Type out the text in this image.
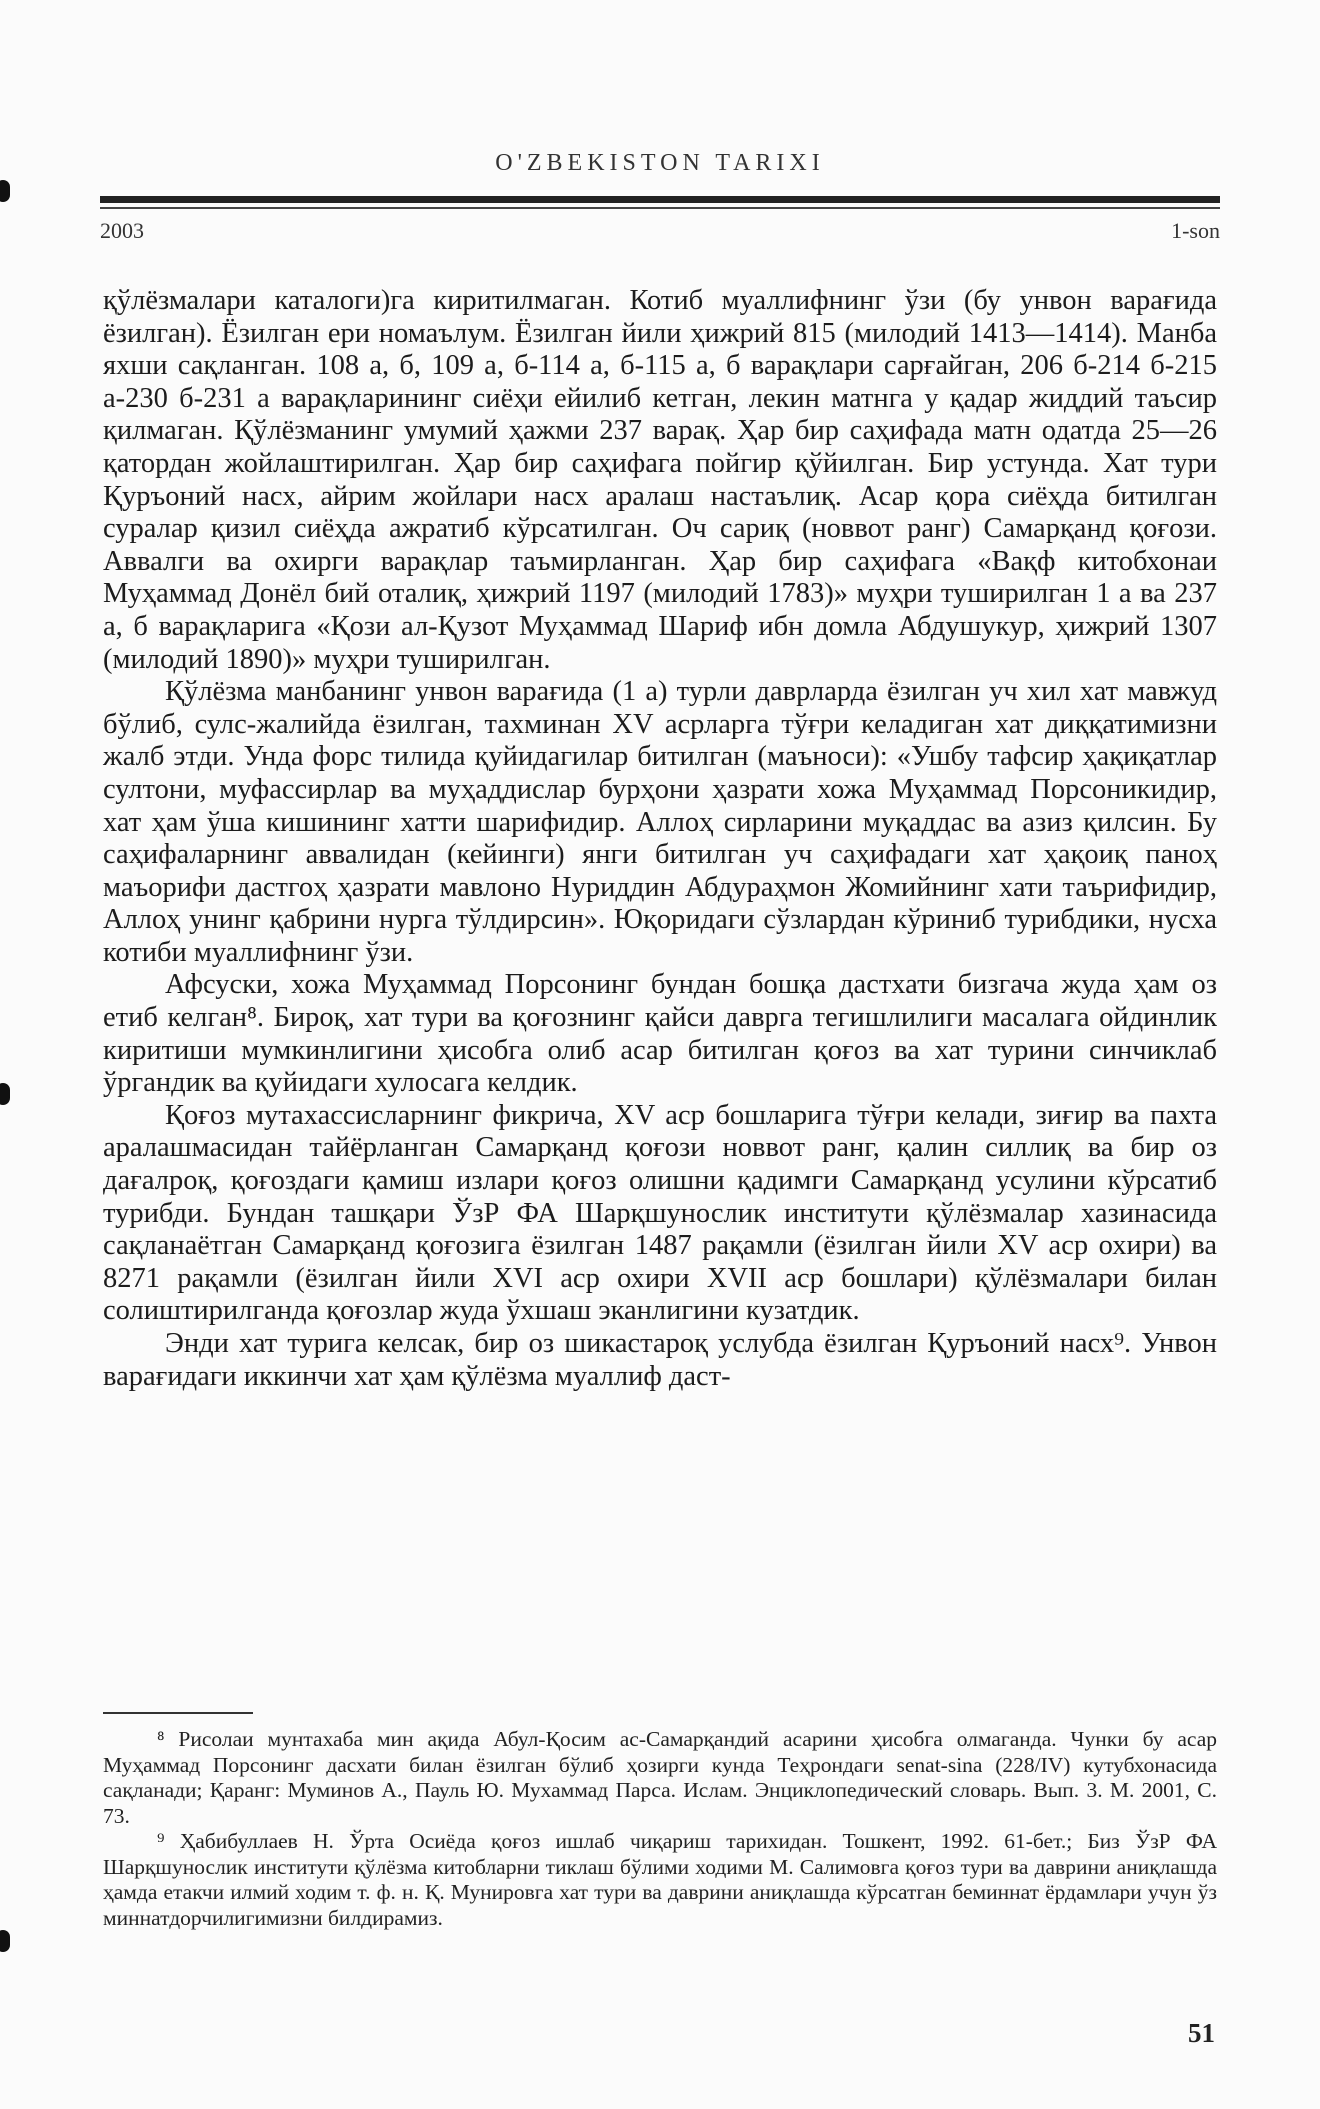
O'ZBEKISTON TARIXI
2003	1-son

қўлёзмалари каталоги)га киритилмаган. Котиб муаллифнинг ўзи (бу унвон варағида ёзилган). Ёзилган ери номаълум. Ёзилган йили ҳижрий 815 (милодий 1413—1414). Манба яхши сақланган. 108 а, б, 109 а, б-114 а, б-115 а, б варақлари сарғайган, 206 б-214 б-215 а-230 б-231 а варақларининг сиёҳи ейилиб кетган, лекин матнга у қадар жиддий таъсир қилмаган. Қўлёзманинг умумий ҳажми 237 варақ. Ҳар бир саҳифада матн одатда 25—26 қатордан жойлаштирилган. Ҳар бир саҳифага пойгир қўйилган. Бир устунда. Хат тури Қуръоний насх, айрим жойлари насх аралаш настаълиқ. Асар қора сиёҳда битилган суралар қизил сиёҳда ажратиб кўрсатилган. Оч сариқ (новвот ранг) Самарқанд қоғози. Аввалги ва охирги варақлар таъмирланган. Ҳар бир саҳифага «Вақф китобхонаи Муҳаммад Донёл бий оталиқ, ҳижрий 1197 (милодий 1783)» муҳри туширилган 1 а ва 237 а, б варақларига «Қози ал-Қузот Муҳаммад Шариф ибн домла Абдушукур, ҳижрий 1307 (милодий 1890)» муҳри туширилган.

Қўлёзма манбанинг унвон варағида (1 а) турли даврларда ёзилган уч хил хат мавжуд бўлиб, сулс-жалийда ёзилган, тахминан XV асрларга тўғри келадиган хат диққатимизни жалб этди. Унда форс тилида қуйидагилар битилган (маъноси): «Ушбу тафсир ҳақиқатлар султони, муфассирлар ва муҳаддислар бурҳони ҳазрати хожа Муҳаммад Порсоникидир, хат ҳам ўша кишининг хатти шарифидир. Аллоҳ сирларини муқаддас ва азиз қилсин. Бу саҳифаларнинг аввалидан (кейинги) янги битилган уч саҳифадаги хат ҳақоиқ паноҳ маъорифи дастгоҳ ҳазрати мавлоно Нуриддин Абдураҳмон Жомийнинг хати таърифидир, Аллоҳ унинг қабрини нурга тўлдирсин». Юқоридаги сўзлардан кўриниб турибдики, нусха котиби муаллифнинг ўзи.

Афсуски, хожа Муҳаммад Порсонинг бундан бошқа дастхати бизгача жуда ҳам оз етиб келган⁸. Бироқ, хат тури ва қоғознинг қайси даврга тегишлилиги масалага ойдинлик киритиши мумкинлигини ҳисобга олиб асар битилган қоғоз ва хат турини синчиклаб ўргандик ва қуйидаги хулосага келдик.

Қоғоз мутахассисларнинг фикрича, XV аср бошларига тўғри келади, зиғир ва пахта аралашмасидан тайёрланган Самарқанд қоғози новвот ранг, қалин силлиқ ва бир оз дағалроқ, қоғоздаги қамиш излари қоғоз олишни қадимги Самарқанд усулини кўрсатиб турибди. Бундан ташқари ЎзР ФА Шарқшунослик институти қўлёзмалар хазинасида сақланаётган Самарқанд қоғозига ёзилган 1487 рақамли (ёзилган йили XV аср охири) ва 8271 рақамли (ёзилган йили XVI аср охири XVII аср бошлари) қўлёзмалари билан солиштирилганда қоғозлар жуда ўхшаш эканлигини кузатдик.

Энди хат турига келсак, бир оз шикастароқ услубда ёзилган Қуръоний насх⁹. Унвон варағидаги иккинчи хат ҳам қўлёзма муаллиф даст-

⁸ Рисолаи мунтахаба мин ақида Абул-Қосим ас-Самарқандий асарини ҳисобга олмаганда. Чунки бу асар Муҳаммад Порсонинг дасхати билан ёзилган бўлиб ҳозирги кунда Теҳрондаги senat-sina (228/IV) кутубхонасида сақланади; Қаранг: Муминов А., Пауль Ю. Мухаммад Парса. Ислам. Энциклопедический словарь. Вып. 3. М. 2001, С. 73.

⁹ Ҳабибуллаев Н. Ўрта Осиёда қоғоз ишлаб чиқариш тарихидан. Тошкент, 1992. 61-бет.; Биз ЎзР ФА Шарқшунослик институти қўлёзма китобларни тиклаш бўлими ходими М. Салимовга қоғоз тури ва даврини аниқлашда ҳамда етакчи илмий ходим т. ф. н. Қ. Мунировга хат тури ва даврини аниқлашда кўрсатган беминнат ёрдамлари учун ўз миннатдорчилигимизни билдирамиз.

51
